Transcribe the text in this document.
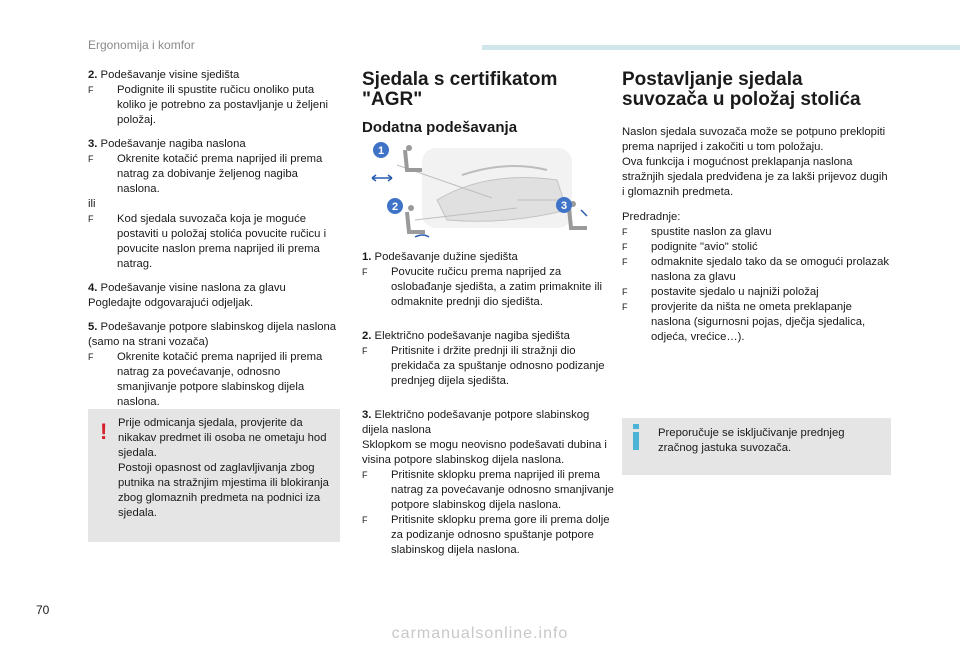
Ergonomija i komfor

2. Podešavanje visine sjedišta

F Podignite ili spustite ručicu onoliko puta koliko je potrebno za postavljanje u željeni položaj.

3. Podešavanje nagiba naslona

F Okrenite kotačić prema naprijed ili prema natrag za dobivanje željenog nagiba naslona.

ili

F Kod sjedala suvozača koja je moguće postaviti u položaj stolića povucite ručicu i povucite naslon prema naprijed ili prema natrag.

4. Podešavanje visine naslona za glavu Pogledajte odgovarajući odjeljak.

5. Podešavanje potpore slabinskog dijela naslona

(samo na strani vozača)

F Okrenite kotačić prema naprijed ili prema natrag za povećavanje, odnosno smanjivanje potpore slabinskog dijela naslona.

! Prije odmicanja sjedala, provjerite da nikakav predmet ili osoba ne ometaju hod sjedala.
Postoji opasnost od zaglavljivanja zbog putnika na stražnjim mjestima ili blokiranja zbog glomaznih predmeta na podnici iza sjedala.
Sjedala s certifikatom "AGR"
Dodatna podešavanja
1
2	3

1. Podešavanje dužine sjedišta

F Povucite ručicu prema naprijed za oslobađanje sjedišta, a zatim primaknite ili odmaknite prednji dio sjedišta.

2. Električno podešavanje nagiba sjedišta

F Pritisnite i držite prednji ili stražnji dio prekidača za spuštanje odnosno podizanje prednjeg dijela sjedišta.

3. Električno podešavanje potpore slabinskog dijela naslona

Sklopkom se mogu neovisno podešavati dubina i visina potpore slabinskog dijela naslona.

F Pritisnite sklopku prema naprijed ili prema natrag za povećavanje odnosno smanjivanje potpore slabinskog dijela naslona.

F Pritisnite sklopku prema gore ili prema dolje za podizanje odnosno spuštanje potpore slabinskog dijela naslona.

Postavljanje sjedala suvozača u položaj stolića

Naslon sjedala suvozača može se potpuno preklopiti prema naprijed i zakočiti u tom položaju.
Ova funkcija i mogućnost preklapanja naslona stražnjih sjedala predviđena je za lakši prijevoz dugih i glomaznih predmeta.

Predradnje:

F spustite naslon za glavu

F podignite "avio" stolić

F odmaknite sjedalo tako da se omogući prolazak naslona za glavu

F postavite sjedalo u najniži položaj

F provjerite da ništa ne ometa preklapanje naslona (sigurnosni pojas, dječja sjedalica, odjeća, vrećice…).

Preporučuje se isključivanje prednjeg zračnog jastuka suvozača.
70
carmanualsonline.info
